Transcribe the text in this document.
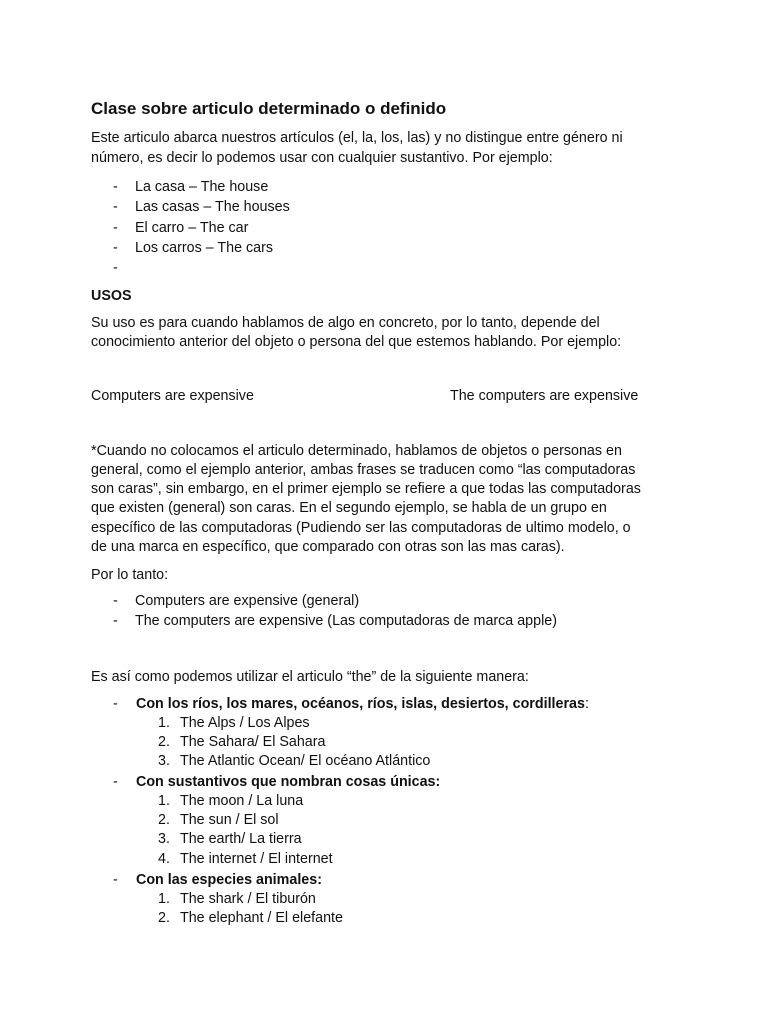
Clase sobre articulo determinado o definido

Este articulo abarca nuestros artículos (el, la, los, las) y no distingue entre género ni

número, es decir lo podemos usar con cualquier sustantivo. Por ejemplo:

- La casa – The house
- Las casas – The houses
- El carro – The car
- Los carros – The cars
-
USOS

Su uso es para cuando hablamos de algo en concreto, por lo tanto, depende del

conocimiento anterior del objeto o persona del que estemos hablando. Por ejemplo:

Computers are expensive	The computers are expensive

*Cuando no colocamos el articulo determinado, hablamos de objetos o personas en

general, como el ejemplo anterior, ambas frases se traducen como “las computadoras

son caras”, sin embargo, en el primer ejemplo se refiere a que todas las computadoras

que existen (general) son caras. En el segundo ejemplo, se habla de un grupo en

específico de las computadoras (Pudiendo ser las computadoras de ultimo modelo, o

de una marca en específico, que comparado con otras son las mas caras).

Por lo tanto:

- Computers are expensive (general)
- The computers are expensive (Las computadoras de marca apple)

Es así como podemos utilizar el articulo “the” de la siguiente manera:

- Con los ríos, los mares, océanos, ríos, islas, desiertos, cordilleras:
1. The Alps / Los Alpes
2. The Sahara/ El Sahara
3. The Atlantic Ocean/ El océano Atlántico
- Con sustantivos que nombran cosas únicas:
1. The moon / La luna
2. The sun / El sol
3. The earth/ La tierra
4. The internet / El internet
- Con las especies animales:
1. The shark / El tiburón
2. The elephant / El elefante
